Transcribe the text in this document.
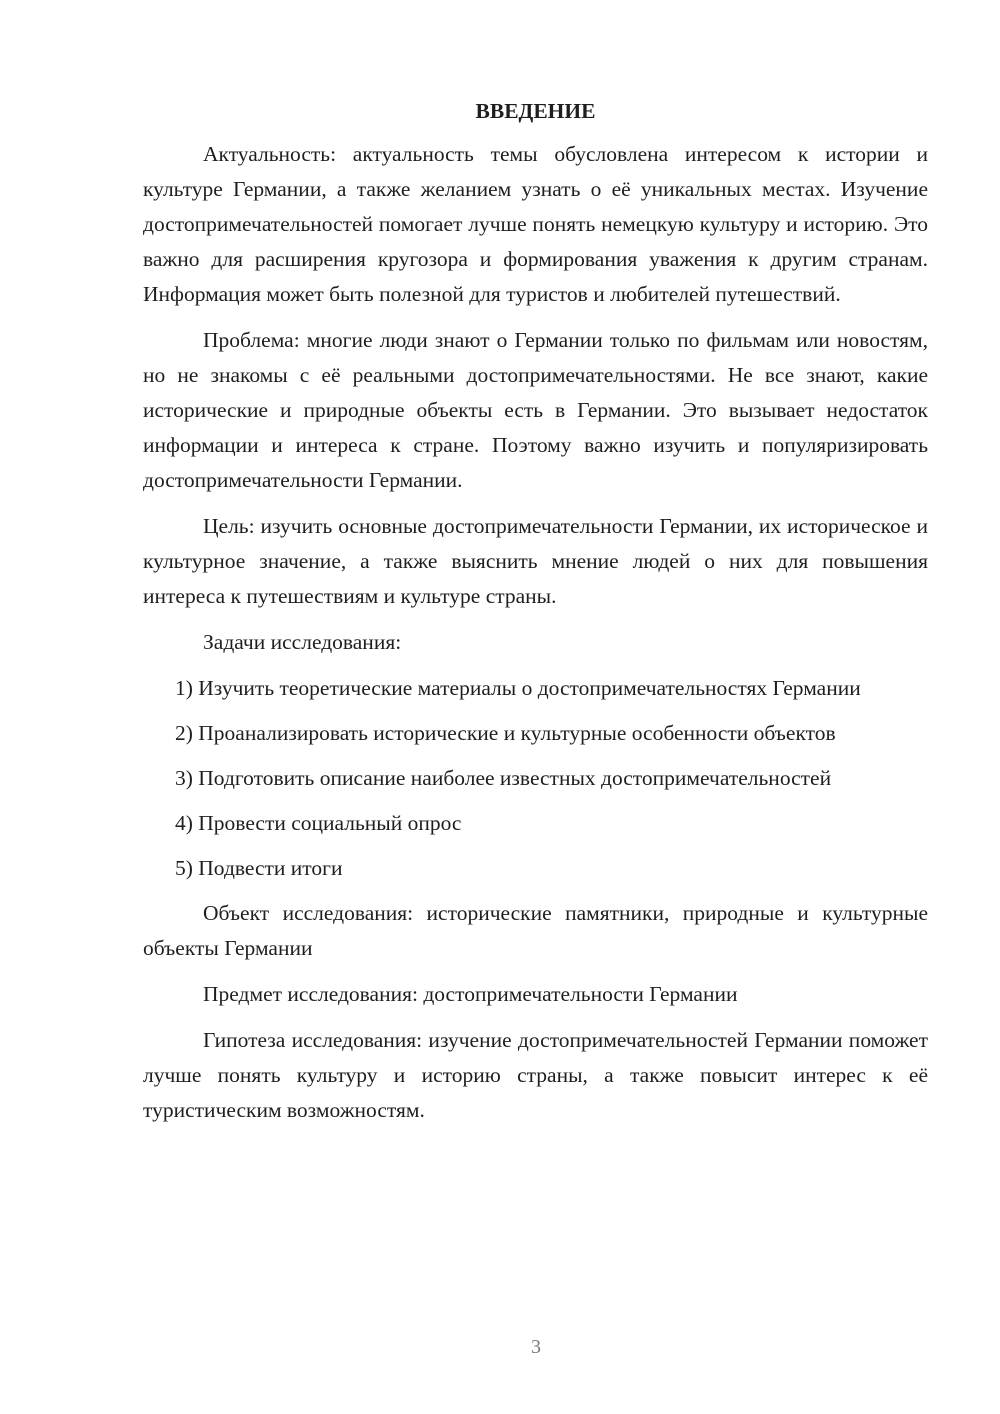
ВВЕДЕНИЕ

Актуальность: актуальность темы обусловлена интересом к истории и культуре Германии, а также желанием узнать о её уникальных местах. Изучение достопримечательностей помогает лучше понять немецкую культуру и историю. Это важно для расширения кругозора и формирования уважения к другим странам. Информация может быть полезной для туристов и любителей путешествий.

Проблема: многие люди знают о Германии только по фильмам или новостям, но не знакомы с её реальными достопримечательностями. Не все знают, какие исторические и природные объекты есть в Германии. Это вызывает недостаток информации и интереса к стране. Поэтому важно изучить и популяризировать достопримечательности Германии.

Цель: изучить основные достопримечательности Германии, их историческое и культурное значение, а также выяснить мнение людей о них для повышения интереса к путешествиям и культуре страны.

Задачи исследования:

1) Изучить теоретические материалы о достопримечательностях Германии

2) Проанализировать исторические и культурные особенности объектов

3) Подготовить описание наиболее известных достопримечательностей

4) Провести социальный опрос

5) Подвести итоги

Объект исследования: исторические памятники, природные и культурные объекты Германии

Предмет исследования: достопримечательности Германии

Гипотеза исследования: изучение достопримечательностей Германии поможет лучше понять культуру и историю страны, а также повысит интерес к её туристическим возможностям.

3
